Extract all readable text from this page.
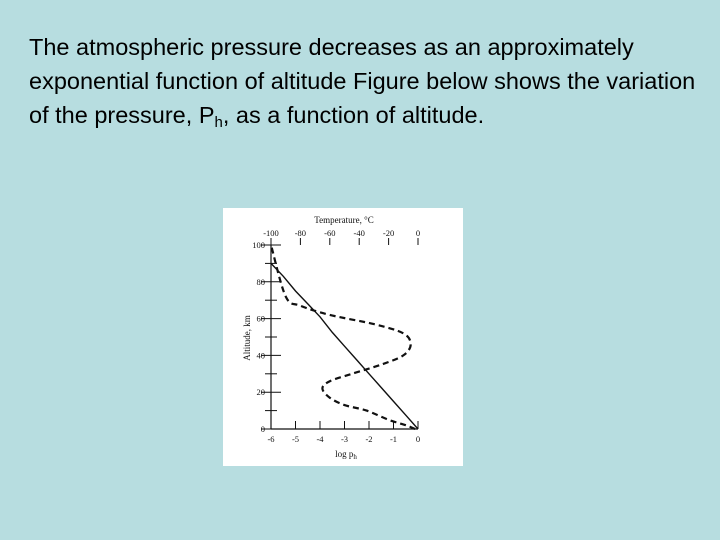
The atmospheric pressure decreases as an approximately exponential function of altitude Figure below shows the variation of the pressure, $P_h$, as a function of altitude.

Temperature, °C
-100 -80 -60 -40 -20	0
-6 -5 -4 -3 -2 -1 0
0
20
40
60
80
100
Altitude, km
$\log p_h$
